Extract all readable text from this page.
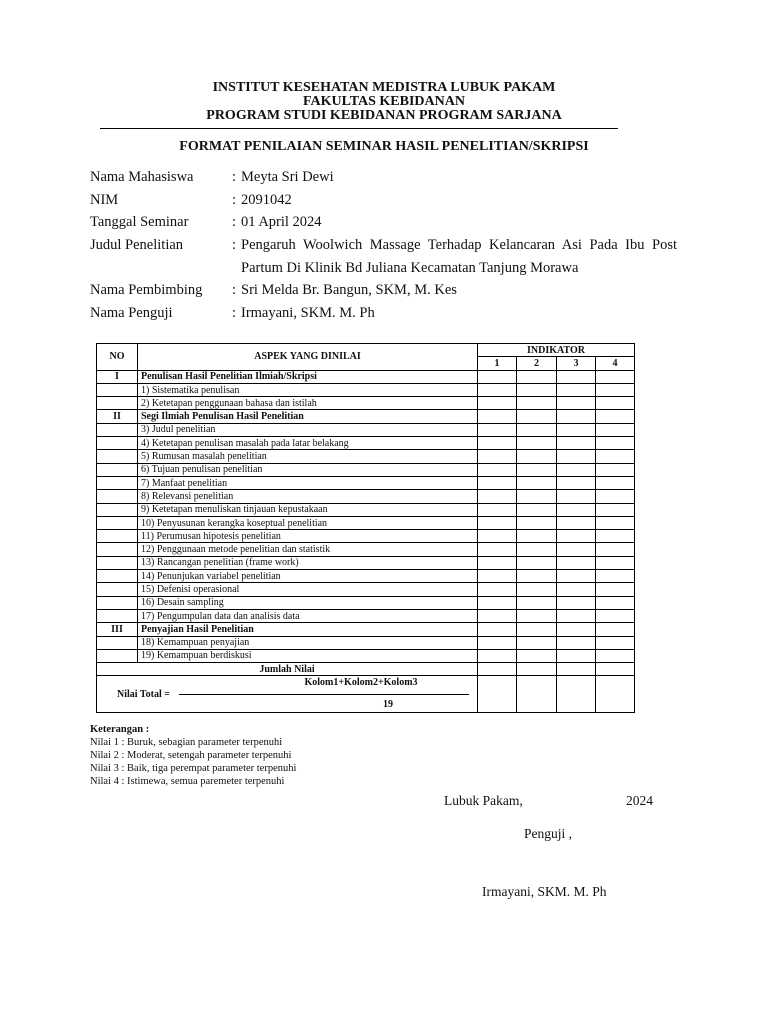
INSTITUT KESEHATAN MEDISTRA LUBUK PAKAM
FAKULTAS KEBIDANAN
PROGRAM STUDI KEBIDANAN PROGRAM SARJANA
FORMAT PENILAIAN SEMINAR HASIL PENELITIAN/SKRIPSI
Nama Mahasiswa	: Meyta Sri Dewi
NIM	: 2091042
Tanggal Seminar	: 01 April 2024
Judul Penelitian	: Pengaruh Woolwich Massage Terhadap Kelancaran Asi Pada Ibu Post
Partum Di Klinik Bd Juliana Kecamatan Tanjung Morawa
Nama Pembimbing : Sri Melda Br. Bangun, SKM, M. Kes
Nama Penguji	: Irmayani, SKM. M. Ph
NO	ASPEK YANG DINILAI	INDIKATOR			
		1	2	3	4
I	Penulisan Hasil Penelitian Ilmiah/Skripsi				
	1) Sistematika penulisan				
	2) Ketetapan penggunaan bahasa dan istilah				
II	Segi Ilmiah Penulisan Hasil Penelitian				
	3) Judul penelitian				
	4) Ketetapan penulisan masalah pada latar belakang				
	5) Rumusan masalah penelitian				
	6) Tujuan penulisan penelitian				
	7) Manfaat penelitian				
	8) Relevansi penelitian				
	9) Ketetapan menuliskan tinjauan kepustakaan				
	10) Penyusunan kerangka koseptual penelitian				
	11) Perumusan hipotesis penelitian				
	12) Penggunaan metode penelitian dan statistik				
	13) Rancangan penelitian (frame work)				
	14) Penunjukan variabel penelitian				
	15) Defenisi operasional				
	16) Desain sampling				
	17) Pengumpulan data dan analisis data				
III	Penyajian Hasil Penelitian				
	18) Kemampuan penyajian				
	19) Kemampuan berdiskusi				
Jumlah Nilai					

Nilai Total =
Kolom1+Kolom2+Kolom3
19					

Keterangan :
Nilai 1 : Buruk, sebagian parameter terpenuhi
Nilai 2 : Moderat, setengah parameter terpenuhi
Nilai 3 : Baik, tiga perempat parameter terpenuhi
Nilai 4 : Istimewa, semua paremeter terpenuhi
Lubuk Pakam,	2024
Penguji ,
Irmayani, SKM. M. Ph
